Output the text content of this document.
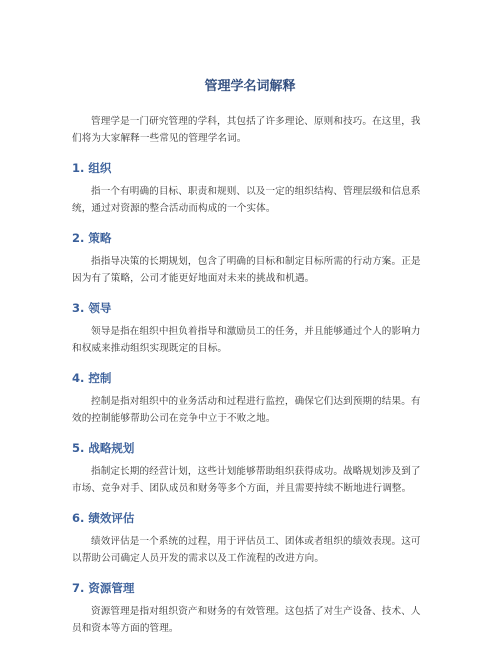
管理学名词解释

管理学是一门研究管理的学科，其包括了许多理论、原则和技巧。在这里，我们将为大家解释一些常见的管理学名词。

1. 组织

指一个有明确的目标、职责和规则、以及一定的组织结构、管理层级和信息系统，通过对资源的整合活动而构成的一个实体。

2. 策略

指指导决策的长期规划，包含了明确的目标和制定目标所需的行动方案。正是因为有了策略，公司才能更好地面对未来的挑战和机遇。

3. 领导

领导是指在组织中担负着指导和激励员工的任务，并且能够通过个人的影响力和权威来推动组织实现既定的目标。

4. 控制

控制是指对组织中的业务活动和过程进行监控，确保它们达到预期的结果。有效的控制能够帮助公司在竞争中立于不败之地。

5. 战略规划

指制定长期的经营计划，这些计划能够帮助组织获得成功。战略规划涉及到了市场、竞争对手、团队成员和财务等多个方面，并且需要持续不断地进行调整。

6. 绩效评估

绩效评估是一个系统的过程，用于评估员工、团体或者组织的绩效表现。这可以帮助公司确定人员开发的需求以及工作流程的改进方向。

7. 资源管理

资源管理是指对组织资产和财务的有效管理。这包括了对生产设备、技术、人员和资本等方面的管理。
